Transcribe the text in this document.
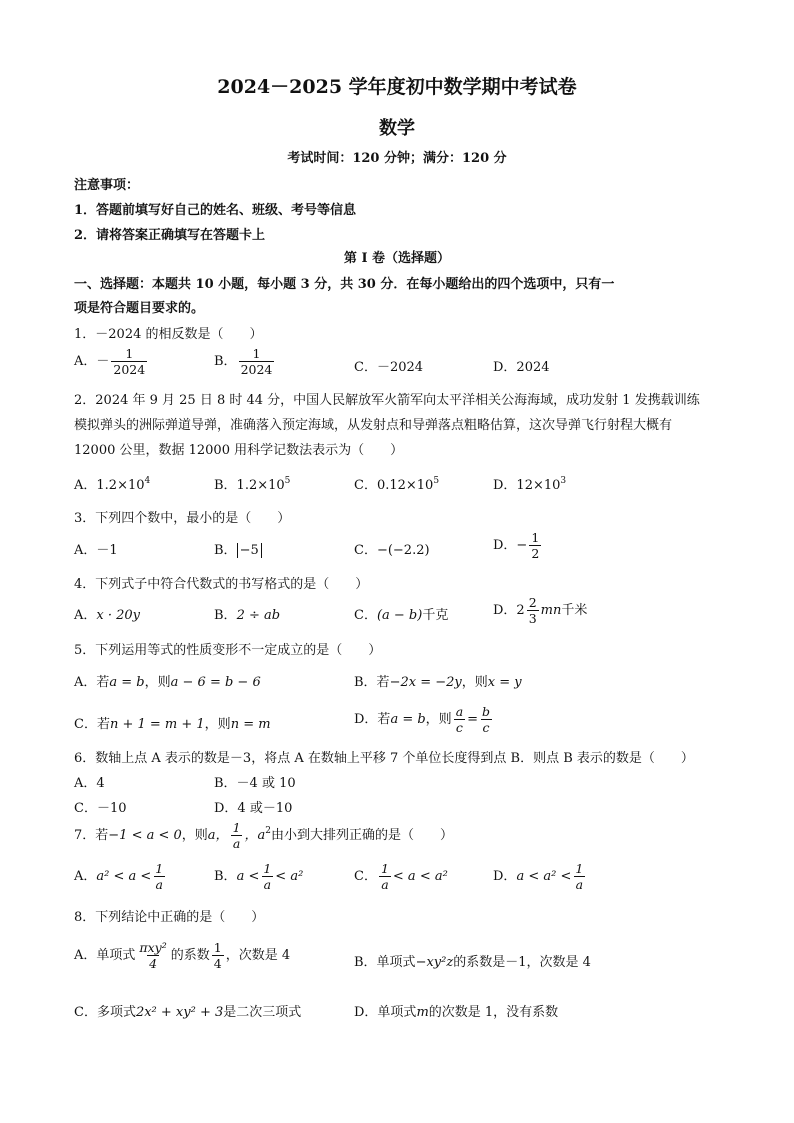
2024－2025 学年度初中数学期中考试卷
数学
考试时间：120 分钟；满分：120 分
注意事项：
1．答题前填写好自己的姓名、班级、考号等信息
2．请将答案正确填写在答题卡上
第 I 卷（选择题）
一、选择题：本题共 10 小题，每小题 3 分，共 30 分．在每小题给出的四个选项中，只有一
项是符合题目要求的。
1．－2024 的相反数是（　　）
A．－ $\frac{1}{2024}$	B． $\frac{1}{2024}$	C．－2024	D．2024
2．2024 年 9 月 25 日 8 时 44 分，中国人民解放军火箭军向太平洋相关公海海域，成功发射 1 发携载训练
模拟弹头的洲际弹道导弹，准确落入预定海域，从发射点和导弹落点粗略估算，这次导弹飞行射程大概有
12000 公里，数据 12000 用科学记数法表示为（　　）
A．$1.2\times 10^4$	B．$1.2\times 10^5$	C．$0.12\times 10^5$	D．$12\times 10^3$
3．下列四个数中，最小的是（　　）
A．－1	B． −5	C．−(−2.2)	D．− $\frac{1}{2}$
4．下列式子中符合代数式的书写格式的是（　　）
A．x · 20y	B．2 ÷ ab	C．(a − b)千克	D．$2 \frac{2}{3}$ mn千米
5．下列运用等式的性质变形不一定成立的是（　　）
A．若a = b，则a − 6 = b − 6	B．若−2x = −2y，则x = y
C．若n + 1 = m + 1，则n = m	D．若a = b，则 $\frac{a}{c} = \frac{b}{c}$
6．数轴上点 A 表示的数是－3，将点 A 在数轴上平移 7 个单位长度得到点 B．则点 B 表示的数是（　　）
A．4	B．－4 或 10
C．－10	D．4 或－10
7．若−1 < a < 0，则a， $\frac{1}{a}$ ，$a^2$由小到大排列正确的是（　　）
A．$a^2 < a < \frac{1}{a}$	B．$a < \frac{1}{a} < a^2$	C． $\frac{1}{a} < a < a^2$	D．$a < a^2 < \frac{1}{a}$
8．下列结论中正确的是（　　）
A．单项式 $\frac{\text{πxy²}}{4}$ 的系数 $\frac{1}{4}$ ，次数是 4	B．单项式−xy²z的系数是－1，次数是 4
C．多项式2x² + xy² + 3是二次三项式	D．单项式m的次数是 1，没有系数
